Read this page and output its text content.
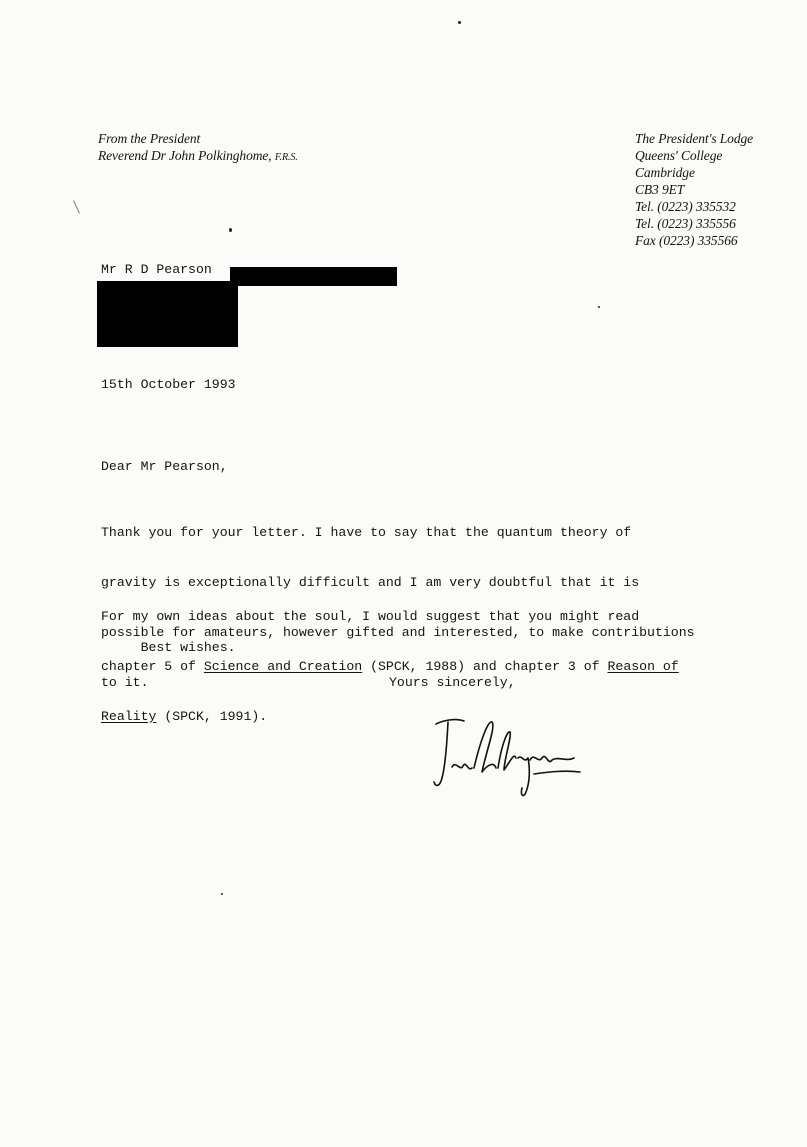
From the President
Reverend Dr John Polkinghome, F.R.S.
The President's Lodge
Queens' College
Cambridge
CB3 9ET
Tel. (0223) 335532
Tel. (0223) 335556
Fax (0223) 335566
Mr R D Pearson
15th October 1993
Dear Mr Pearson,

Thank you for your letter. I have to say that the quantum theory of

gravity is exceptionally difficult and I am very doubtful that it is

possible for amateurs, however gifted and interested, to make contributions

to it.

For my own ideas about the soul, I would suggest that you might read

chapter 5 of Science and Creation (SPCK, 1988) and chapter 3 of Reason of

Reality (SPCK, 1991).

Best wishes.
Yours sincerely,
